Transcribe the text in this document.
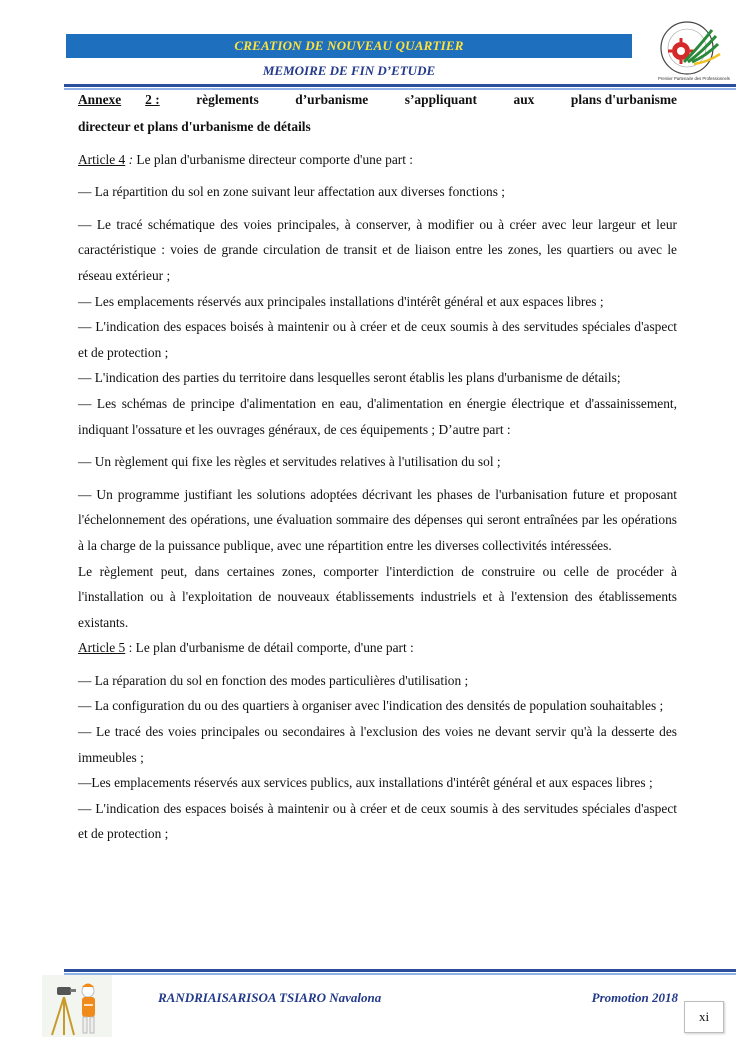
CREATION DE NOUVEAU QUARTIER
MEMOIRE DE FIN D’ETUDE
Premier Partenaire des Professionnels
Annexe 2 :	règlements	d’urbanisme	s’appliquant	aux	plans d'urbanisme

directeur et plans d'urbanisme de détails

Article 4 : Le plan d'urbanisme directeur comporte d'une part :

— La répartition du sol en zone suivant leur affectation aux diverses fonctions ;

— Le tracé schématique des voies principales, à conserver, à modifier ou à créer avec leur largeur et leur caractéristique : voies de grande circulation de transit et de liaison entre les zones, les quartiers ou avec le réseau extérieur ;

— Les emplacements réservés aux principales installations d'intérêt général et aux espaces libres ;

— L'indication des espaces boisés à maintenir ou à créer et de ceux soumis à des servitudes spéciales d'aspect et de protection ;

— L'indication des parties du territoire dans lesquelles seront établis les plans d'urbanisme de détails;

— Les schémas de principe d'alimentation en eau, d'alimentation en énergie électrique et d'assainissement, indiquant l'ossature et les ouvrages généraux, de ces équipements ; D’autre part :

— Un règlement qui fixe les règles et servitudes relatives à l'utilisation du sol ;

— Un programme justifiant les solutions adoptées décrivant les phases de l'urbanisation future et proposant l'échelonnement des opérations, une évaluation sommaire des dépenses qui seront entraînées par les opérations à la charge de la puissance publique, avec une répartition entre les diverses collectivités intéressées.

Le règlement peut, dans certaines zones, comporter l'interdiction de construire ou celle de procéder à l'installation ou à l'exploitation de nouveaux établissements industriels et à l'extension des établissements existants.

Article 5 : Le plan d'urbanisme de détail comporte, d'une part :

— La réparation du sol en fonction des modes particulières d'utilisation ;

— La configuration du ou des quartiers à organiser avec l'indication des densités de population souhaitables ;

— Le tracé des voies principales ou secondaires à l'exclusion des voies ne devant servir qu'à la desserte des immeubles ;

—Les emplacements réservés aux services publics, aux installations d'intérêt général et aux espaces libres ;

— L'indication des espaces boisés à maintenir ou à créer et de ceux soumis à des servitudes spéciales d'aspect et de protection ;

RANDRIAISARISOA TSIARO Navalona	Promotion 2018
xi
